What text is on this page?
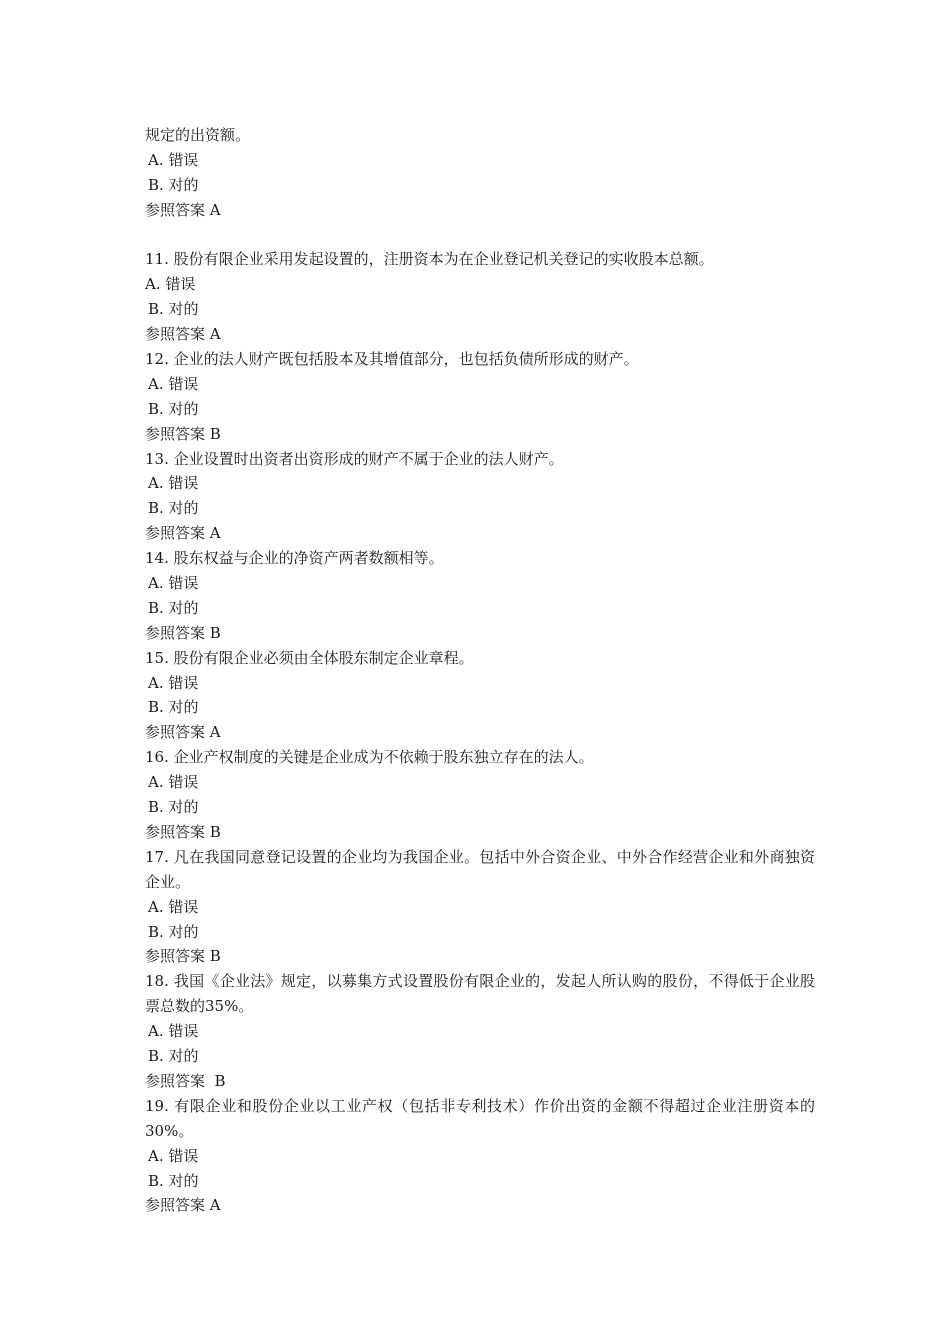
规定的出资额。
A. 错误
B. 对的
参照答案 A
11. 股份有限企业采用发起设置的，注册资本为在企业登记机关登记的实收股本总额。
A. 错误
B. 对的
参照答案 A
12. 企业的法人财产既包括股本及其增值部分，也包括负债所形成的财产。
A. 错误
B. 对的
参照答案 B
13. 企业设置时出资者出资形成的财产不属于企业的法人财产。
A. 错误
B. 对的
参照答案 A
14. 股东权益与企业的净资产两者数额相等。
A. 错误
B. 对的
参照答案 B
15. 股份有限企业必须由全体股东制定企业章程。
A. 错误
B. 对的
参照答案 A
16. 企业产权制度的关键是企业成为不依赖于股东独立存在的法人。
A. 错误
B. 对的
参照答案 B
17. 凡在我国同意登记设置的企业均为我国企业。包括中外合资企业、中外合作经营企业和外商独资企业。
A. 错误
B. 对的
参照答案 B
18. 我国《企业法》规定，以募集方式设置股份有限企业的，发起人所认购的股份，不得低于企业股票总数的35%。
A. 错误
B. 对的
参照答案  B
19. 有限企业和股份企业以工业产权（包括非专利技术）作价出资的金额不得超过企业注册资本的30%。
A. 错误
B. 对的
参照答案 A
